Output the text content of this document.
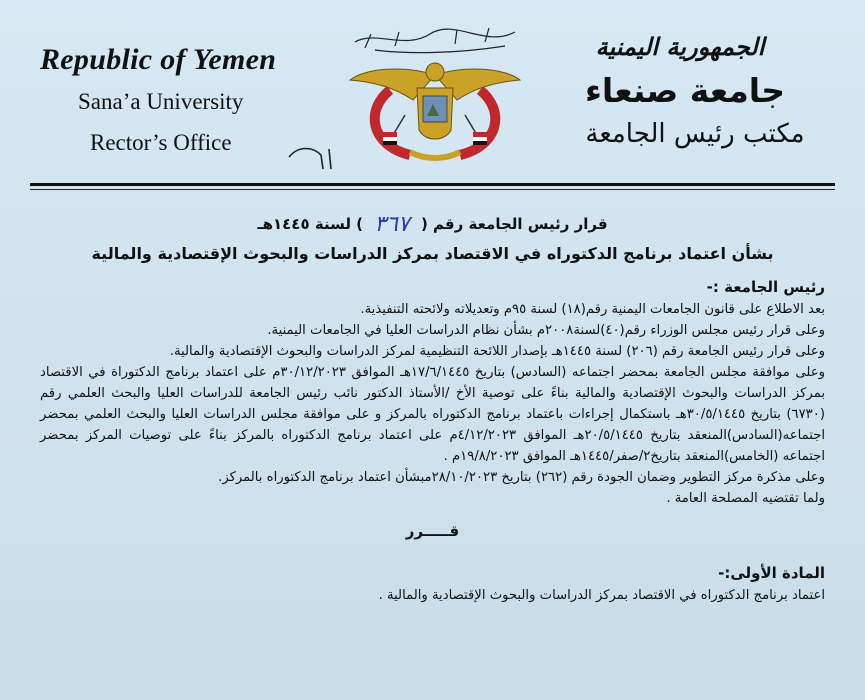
Republic of Yemen
Sana’a University
Rector’s Office
الجمهورية اليمنية
جامعة صنعاء
مكتب رئيس الجامعة
قرار رئيس الجامعة رقم ( ٣٦٧ ) لسنة ١٤٤٥هـ
بشأن اعتماد برنامج الدكتوراه في الاقتصاد بمركز الدراسات والبحوث الإقتصادية والمالية
رئيس الجامعة :-
بعد الاطلاع على قانون الجامعات اليمنية رقم(١٨) لسنة ٩٥م وتعديلاته ولائحته التنفيذية.
وعلى قرار رئيس مجلس الوزراء رقم(٤٠)لسنة٢٠٠٨م بشأن نظام الدراسات العليا في الجامعات اليمنية.
وعلى قرار رئيس الجامعة رقم (٢٠٦) لسنة ١٤٤٥هـ بإصدار اللائحة التنظيمية لمركز الدراسات والبحوث الإقتصادية والمالية.
وعلى موافقة مجلس الجامعة بمحضر اجتماعه (السادس) بتاريخ ١٧/٦/١٤٤٥هـ الموافق ٣٠/١٢/٢٠٢٣م على اعتماد برنامج الدكتوراة في الاقتصاد بمركز الدراسات والبحوث الإقتصادية والمالية بناءً على توصية الأخ /الأستاذ الدكتور نائب رئيس الجامعة للدراسات العليا والبحث العلمي رقم (٦٧٣٠) بتاريخ ٣٠/٥/١٤٤٥هـ باستكمال إجراءات باعتماد برنامج الدكتوراه بالمركز و على موافقة مجلس الدراسات العليا والبحث العلمي بمحضر اجتماعه(السادس)المنعقد بتاريخ ٢٠/٥/١٤٤٥هـ الموافق ٤/١٢/٢٠٢٣م على اعتماد برنامج الدكتوراه بالمركز بناءً على توصيات المركز بمحضر اجتماعه (الخامس)المنعقد بتاريخ٢/صفر/١٤٤٥هـ الموافق ١٩/٨/٢٠٢٣م .
وعلى مذكرة مركز التطوير وضمان الجودة رقم (٢٦٢) بتاريخ ٢٨/١٠/٢٠٢٣مبشأن اعتماد برنامج الدكتوراه بالمركز.
ولما تقتضيه المصلحة العامة .
قـــــرر
المادة الأولى:-
اعتماد برنامج الدكتوراه في الاقتصاد بمركز الدراسات والبحوث الإقتصادية والمالية .
